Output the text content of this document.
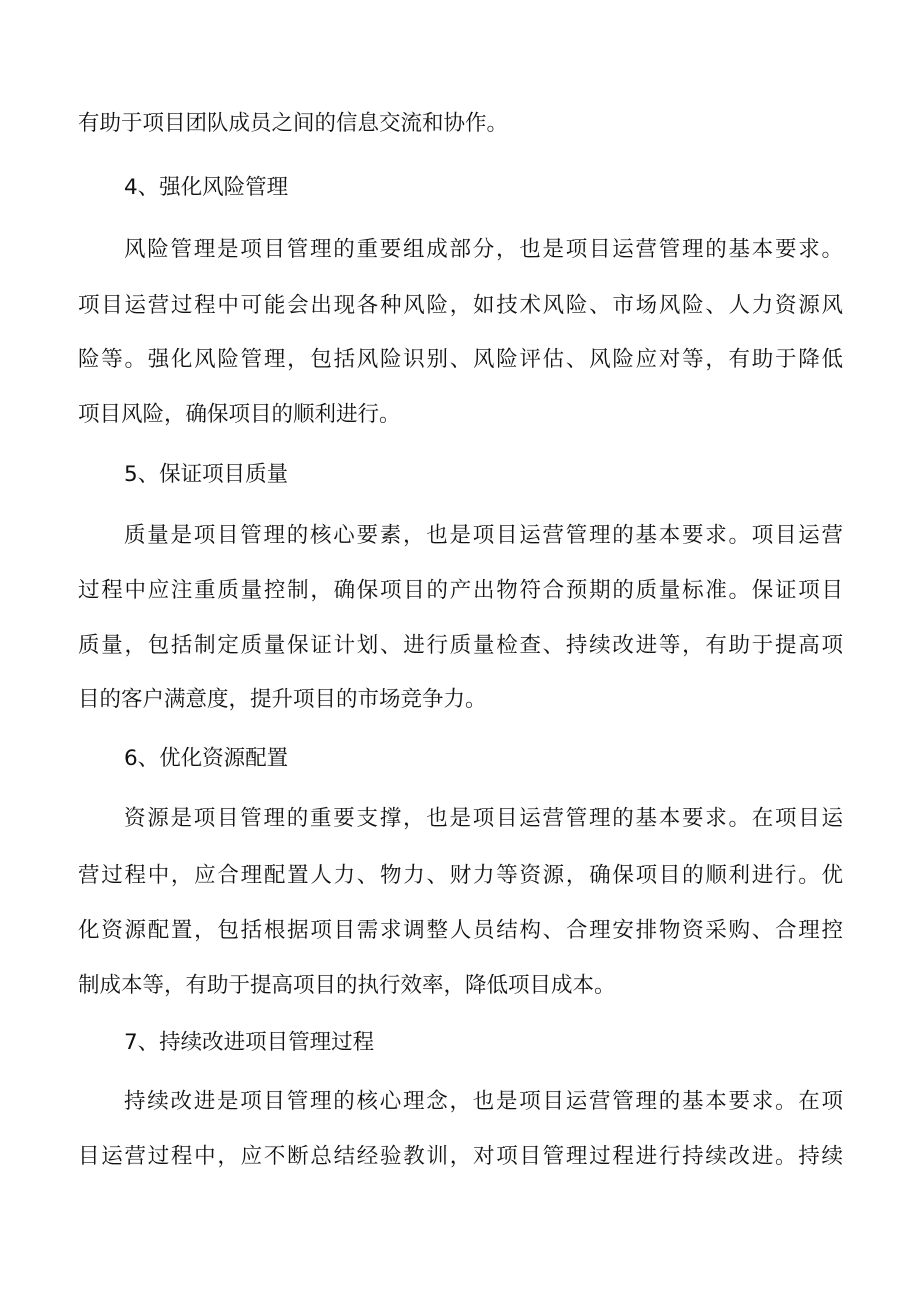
有助于项目团队成员之间的信息交流和协作。
4、强化风险管理
风险管理是项目管理的重要组成部分，也是项目运营管理的基本要求。
项目运营过程中可能会出现各种风险，如技术风险、市场风险、人力资源风
险等。强化风险管理，包括风险识别、风险评估、风险应对等，有助于降低
项目风险，确保项目的顺利进行。
5、保证项目质量
质量是项目管理的核心要素，也是项目运营管理的基本要求。项目运营
过程中应注重质量控制，确保项目的产出物符合预期的质量标准。保证项目
质量，包括制定质量保证计划、进行质量检查、持续改进等，有助于提高项
目的客户满意度，提升项目的市场竞争力。
6、优化资源配置
资源是项目管理的重要支撑，也是项目运营管理的基本要求。在项目运
营过程中，应合理配置人力、物力、财力等资源，确保项目的顺利进行。优
化资源配置，包括根据项目需求调整人员结构、合理安排物资采购、合理控
制成本等，有助于提高项目的执行效率，降低项目成本。
7、持续改进项目管理过程
持续改进是项目管理的核心理念，也是项目运营管理的基本要求。在项
目运营过程中，应不断总结经验教训，对项目管理过程进行持续改进。持续
